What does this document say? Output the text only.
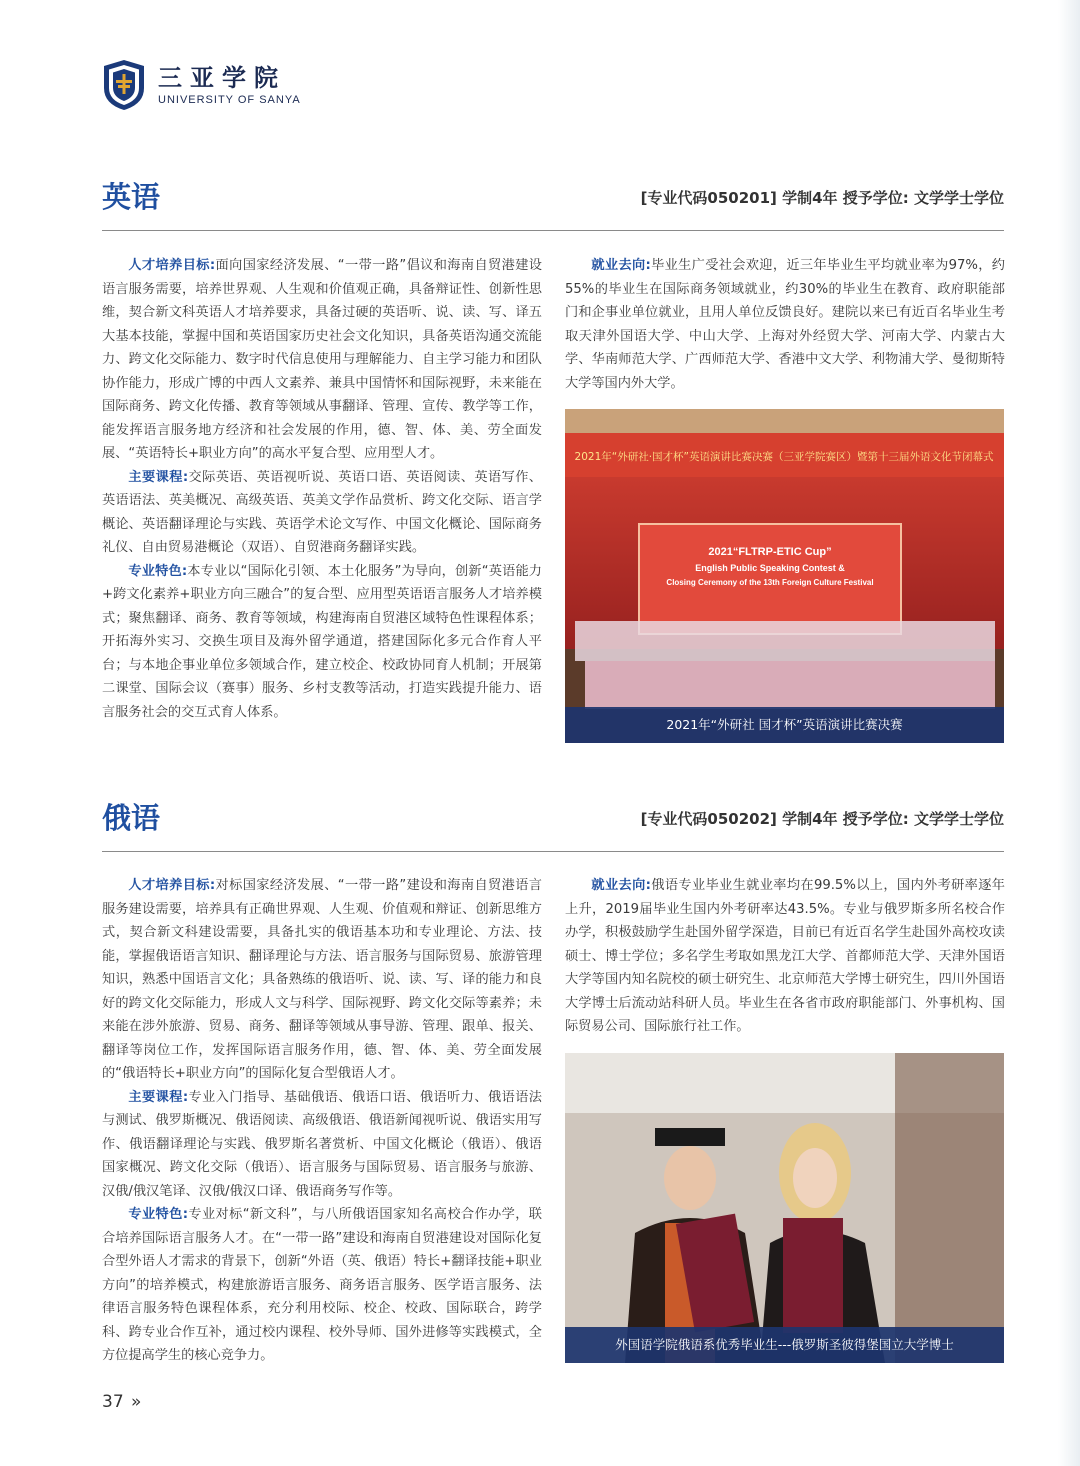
三亚学院
UNIVERSITY OF SANYA
英语	[专业代码050201] 学制4年 授予学位: 文学学士学位

人才培养目标:面向国家经济发展、“一带一路”倡议和海南自贸港建设语言服务需要，培养世界观、人生观和价值观正确，具备辩证性、创新性思维，契合新文科英语人才培养要求，具备过硬的英语听、说、读、写、译五大基本技能，掌握中国和英语国家历史社会文化知识，具备英语沟通交流能力、跨文化交际能力、数字时代信息使用与理解能力、自主学习能力和团队协作能力，形成广博的中西人文素养、兼具中国情怀和国际视野，未来能在国际商务、跨文化传播、教育等领域从事翻译、管理、宣传、教学等工作，能发挥语言服务地方经济和社会发展的作用，德、智、体、美、劳全面发展、“英语特长+职业方向”的高水平复合型、应用型人才。

主要课程:交际英语、英语视听说、英语口语、英语阅读、英语写作、英语语法、英美概况、高级英语、英美文学作品赏析、跨文化交际、语言学概论、英语翻译理论与实践、英语学术论文写作、中国文化概论、国际商务礼仪、自由贸易港概论（双语）、自贸港商务翻译实践。

专业特色:本专业以“国际化引领、本土化服务”为导向，创新“英语能力+跨文化素养+职业方向三融合”的复合型、应用型英语语言服务人才培养模式；聚焦翻译、商务、教育等领域，构建海南自贸港区域特色性课程体系；开拓海外实习、交换生项目及海外留学通道，搭建国际化多元合作育人平台；与本地企事业单位多领域合作，建立校企、校政协同育人机制；开展第二课堂、国际会议（赛事）服务、乡村支教等活动，打造实践提升能力、语言服务社会的交互式育人体系。

就业去向:毕业生广受社会欢迎，近三年毕业生平均就业率为97%，约55%的毕业生在国际商务领域就业，约30%的毕业生在教育、政府职能部门和企事业单位就业，且用人单位反馈良好。建院以来已有近百名毕业生考取天津外国语大学、中山大学、上海对外经贸大学、河南大学、内蒙古大学、华南师范大学、广西师范大学、香港中文大学、利物浦大学、曼彻斯特大学等国内外大学。

2021年“外研社·国才杯”英语演讲比赛决赛（三亚学院赛区）暨第十三届外语文化节闭幕式
2021“FLTRP-ETIC Cup”
English Public Speaking Contest &
Closing Ceremony of the 13th Foreign Culture Festival
2021年“外研社 国才杯”英语演讲比赛决赛
俄语	[专业代码050202] 学制4年 授予学位: 文学学士学位

人才培养目标:对标国家经济发展、“一带一路”建设和海南自贸港语言服务建设需要，培养具有正确世界观、人生观、价值观和辩证、创新思维方式，契合新文科建设需要，具备扎实的俄语基本功和专业理论、方法、技能，掌握俄语语言知识、翻译理论与方法、语言服务与国际贸易、旅游管理知识，熟悉中国语言文化；具备熟练的俄语听、说、读、写、译的能力和良好的跨文化交际能力，形成人文与科学、国际视野、跨文化交际等素养；未来能在涉外旅游、贸易、商务、翻译等领域从事导游、管理、跟单、报关、翻译等岗位工作，发挥国际语言服务作用，德、智、体、美、劳全面发展的“俄语特长+职业方向”的国际化复合型俄语人才。

主要课程:专业入门指导、基础俄语、俄语口语、俄语听力、俄语语法与测试、俄罗斯概况、俄语阅读、高级俄语、俄语新闻视听说、俄语实用写作、俄语翻译理论与实践、俄罗斯名著赏析、中国文化概论（俄语）、俄语国家概况、跨文化交际（俄语）、语言服务与国际贸易、语言服务与旅游、汉俄/俄汉笔译、汉俄/俄汉口译、俄语商务写作等。

专业特色:专业对标“新文科”，与八所俄语国家知名高校合作办学，联合培养国际语言服务人才。在“一带一路”建设和海南自贸港建设对国际化复合型外语人才需求的背景下，创新“外语（英、俄语）特长+翻译技能+职业方向”的培养模式，构建旅游语言服务、商务语言服务、医学语言服务、法律语言服务特色课程体系，充分利用校际、校企、校政、国际联合，跨学科、跨专业合作互补，通过校内课程、校外导师、国外进修等实践模式，全方位提高学生的核心竞争力。

就业去向:俄语专业毕业生就业率均在99.5%以上，国内外考研率逐年上升，2019届毕业生国内外考研率达43.5%。专业与俄罗斯多所名校合作办学，积极鼓励学生赴国外留学深造，目前已有近百名学生赴国外高校攻读硕士、博士学位；多名学生考取如黑龙江大学、首都师范大学、天津外国语大学等国内知名院校的硕士研究生、北京师范大学博士研究生，四川外国语大学博士后流动站科研人员。毕业生在各省市政府职能部门、外事机构、国际贸易公司、国际旅行社工作。

外国语学院俄语系优秀毕业生---俄罗斯圣彼得堡国立大学博士
37 »
